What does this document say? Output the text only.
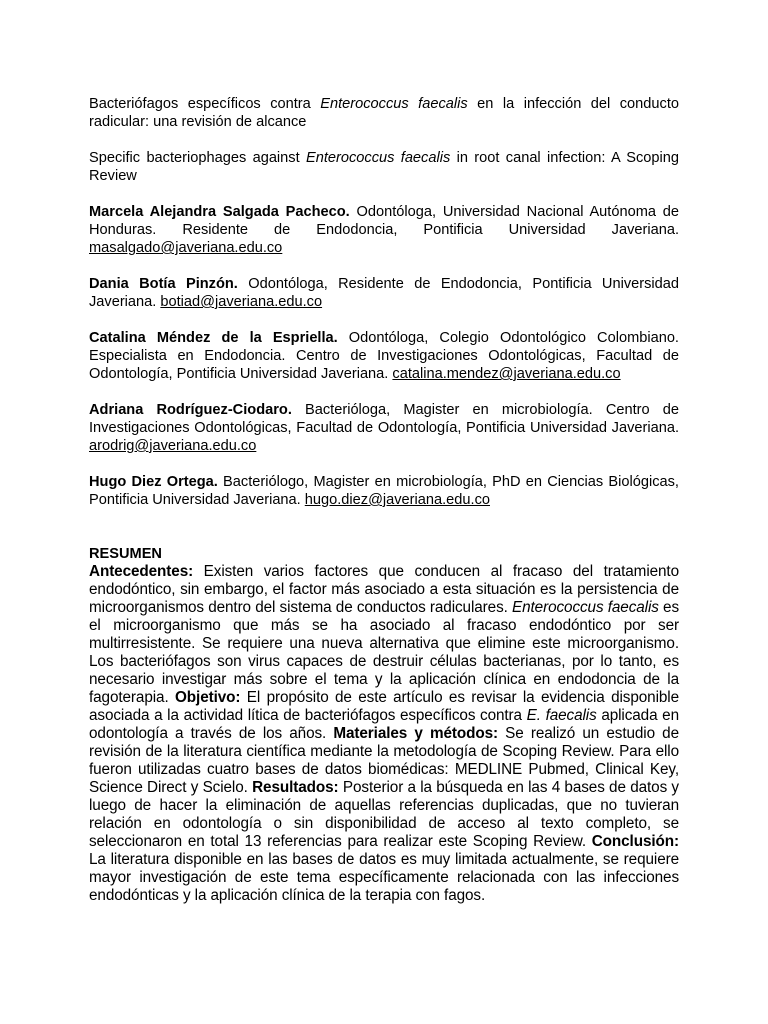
Bacteriófagos específicos contra Enterococcus faecalis en la infección del conducto radicular: una revisión de alcance

Specific bacteriophages against Enterococcus faecalis in root canal infection: A Scoping Review

Marcela Alejandra Salgada Pacheco. Odontóloga, Universidad Nacional Autónoma de Honduras. Residente de Endodoncia, Pontificia Universidad Javeriana. masalgado@javeriana.edu.co

Dania Botía Pinzón. Odontóloga, Residente de Endodoncia, Pontificia Universidad Javeriana. botiad@javeriana.edu.co

Catalina Méndez de la Espriella. Odontóloga, Colegio Odontológico Colombiano. Especialista en Endodoncia. Centro de Investigaciones Odontológicas, Facultad de Odontología, Pontificia Universidad Javeriana. catalina.mendez@javeriana.edu.co

Adriana Rodríguez-Ciodaro. Bacterióloga, Magister en microbiología. Centro de Investigaciones Odontológicas, Facultad de Odontología, Pontificia Universidad Javeriana. arodrig@javeriana.edu.co

Hugo Diez Ortega. Bacteriólogo, Magister en microbiología, PhD en Ciencias Biológicas, Pontificia Universidad Javeriana. hugo.diez@javeriana.edu.co

RESUMEN

Antecedentes: Existen varios factores que conducen al fracaso del tratamiento endodóntico, sin embargo, el factor más asociado a esta situación es la persistencia de microorganismos dentro del sistema de conductos radiculares. Enterococcus faecalis es el microorganismo que más se ha asociado al fracaso endodóntico por ser multirresistente. Se requiere una nueva alternativa que elimine este microorganismo. Los bacteriófagos son virus capaces de destruir células bacterianas, por lo tanto, es necesario investigar más sobre el tema y la aplicación clínica en endodoncia de la fagoterapia. Objetivo: El propósito de este artículo es revisar la evidencia disponible asociada a la actividad lítica de bacteriófagos específicos contra E. faecalis aplicada en odontología a través de los años. Materiales y métodos: Se realizó un estudio de revisión de la literatura científica mediante la metodología de Scoping Review. Para ello fueron utilizadas cuatro bases de datos biomédicas: MEDLINE Pubmed, Clinical Key, Science Direct y Scielo. Resultados: Posterior a la búsqueda en las 4 bases de datos y luego de hacer la eliminación de aquellas referencias duplicadas, que no tuvieran relación en odontología o sin disponibilidad de acceso al texto completo, se seleccionaron en total 13 referencias para realizar este Scoping Review. Conclusión: La literatura disponible en las bases de datos es muy limitada actualmente, se requiere mayor investigación de este tema específicamente relacionada con las infecciones endodónticas y la aplicación clínica de la terapia con fagos.
